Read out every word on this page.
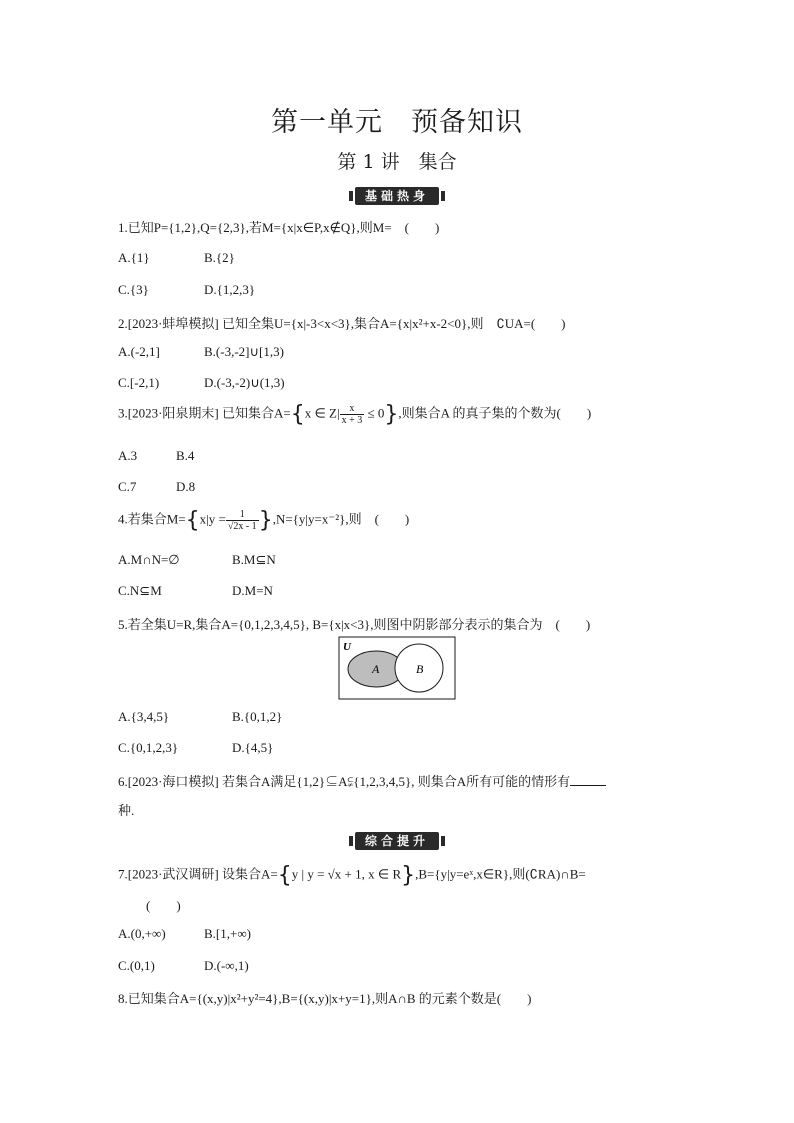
第一单元　预备知识
第 1 讲　集合
基础热身
1.已知P={1,2},Q={2,3},若M={x|x∈P,x∉Q},则M=　(　　)
A.{1}	B.{2}
C.{3}	D.{1,2,3}
2.[2023·蚌埠模拟] 已知全集U={x|-3<x<3},集合A={x|x²+x-2<0},则　∁UA=(　　)
A.(-2,1]	B.(-3,-2]∪[1,3)
C.[-2,1)	D.(-3,-2)∪(1,3)
3.[2023·阳泉期末] 已知集合A={x ∈ $Z| \frac{x}{x + 3} \le 0$},则集合A 的真子集的个数为(　　)
A.3	B.4
C.7	D.8
4.若集合$M=\{x|y = \frac{1}{√2x - 1} \},N=\{y|y=x^{-2}\}$,则　(　　)
A.M∩N=∅	B.M⊆N
C.N⊆M	D.M=N
5.若全集U=R,集合A={0,1,2,3,4,5}, B={x|x<3},则图中阴影部分表示的集合为　(　　)
U
A	B
A.{3,4,5}	B.{0,1,2}
C.{0,1,2,3}	D.{4,5}
6.[2023·海口模拟] 若集合A满足{1,2}⊆A⫋{1,2,3,4,5}, 则集合A所有可能的情形有
种.
综合提升
7.[2023·武汉调研] 设集合A={y | y = √x + 1, x ∈ R},B={y|y=eˣ,x∈R},则(∁RA)∩B=
(　　)
A.(0,+∞)	B.[1,+∞)
C.(0,1)	D.(-∞,1)
8.已知集合A={(x,y)|x²+y²=4},B={(x,y)|x+y=1},则A∩B 的元素个数是(　　)
